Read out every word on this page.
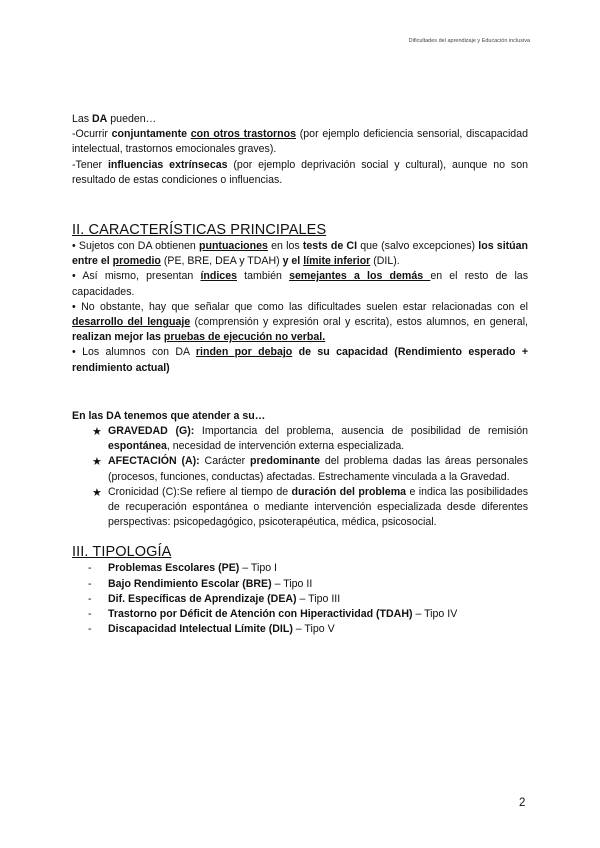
Dificultades del aprendizaje y Educación inclusiva

Las DA pueden…

-Ocurrir conjuntamente con otros trastornos (por ejemplo deficiencia sensorial, discapacidad intelectual, trastornos emocionales graves).

-Tener influencias extrínsecas (por ejemplo deprivación social y cultural), aunque no son resultado de estas condiciones o influencias.

II. CARACTERÍSTICAS PRINCIPALES

• Sujetos con DA obtienen puntuaciones en los tests de CI que (salvo excepciones) los sitúan entre el promedio (PE, BRE, DEA y TDAH) y el límite inferior (DIL).

• Así mismo, presentan índices también semejantes a los demás en el resto de las capacidades.

• No obstante, hay que señalar que como las dificultades suelen estar relacionadas con el desarrollo del lenguaje (comprensión y expresión oral y escrita), estos alumnos, en general, realizan mejor las pruebas de ejecución no verbal.

• Los alumnos con DA rinden por debajo de su capacidad (Rendimiento esperado + rendimiento actual)

En las DA tenemos que atender a su…

★ GRAVEDAD (G): Importancia del problema, ausencia de posibilidad de remisión espontánea, necesidad de intervención externa especializada.
★ AFECTACIÓN (A): Carácter predominante del problema dadas las áreas personales (procesos, funciones, conductas) afectadas. Estrechamente vinculada a la Gravedad.
★ Cronicidad (C):Se refiere al tiempo de duración del problema e indica las posibilidades de recuperación espontánea o mediante intervención especializada desde diferentes perspectivas: psicopedagógico, psicoterapéutica, médica, psicosocial.
III. TIPOLOGÍA
- Problemas Escolares (PE) – Tipo I
- Bajo Rendimiento Escolar (BRE) – Tipo II
- Dif. Específicas de Aprendizaje (DEA) – Tipo III
- Trastorno por Déficit de Atención con Hiperactividad (TDAH) – Tipo IV
- Discapacidad Intelectual Límite (DIL) – Tipo V
2
